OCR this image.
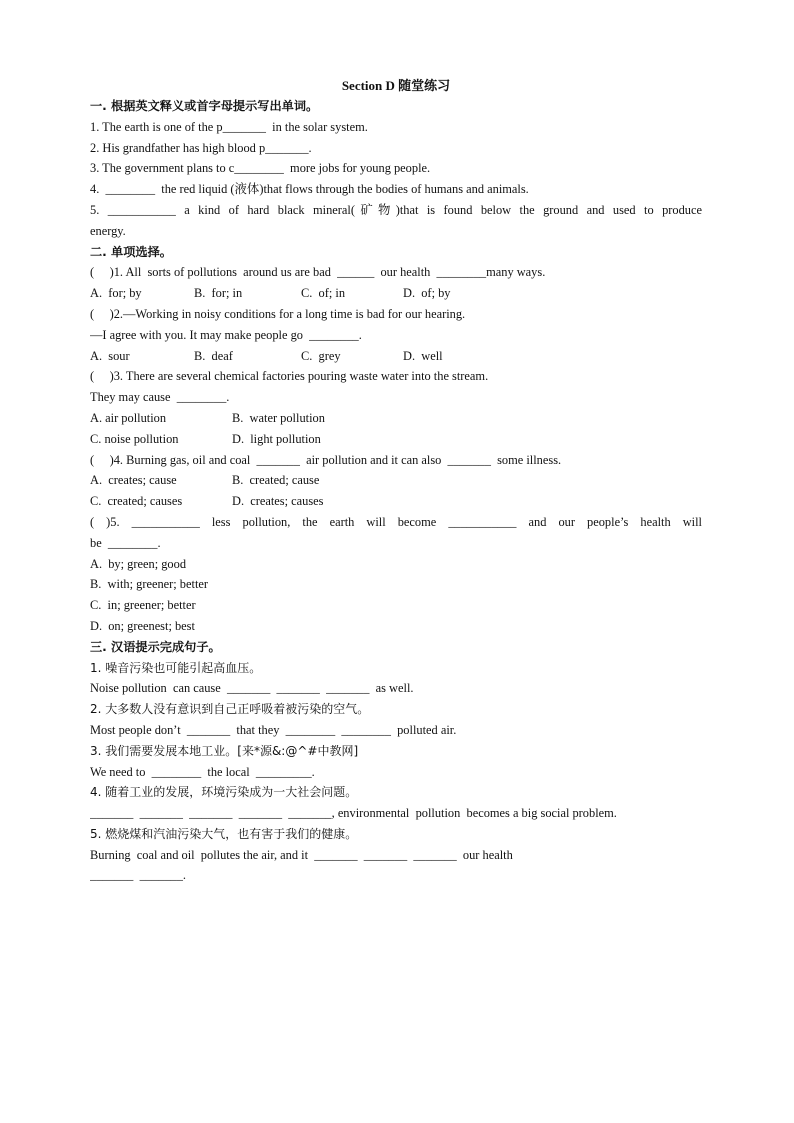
Section D 随堂练习
一. 根据英文释义或首字母提示写出单词。
1. The earth is one of the p_______  in the solar system.
2. His grandfather has high blood p_______.
3. The government plans to c________  more jobs for young people.
4.  ________  the red liquid (液体)that flows through the bodies of humans and animals.
5. ___________ a kind of hard black mineral(矿物)that is found below the ground and used to produce
energy.
二. 单项选择。
(     )1. All  sorts of pollutions  around us are bad  ______  our health  ________many ways.
A.  for; by	B.  for; in	C.  of; in	D.  of; by
(     )2.—Working in noisy conditions for a long time is bad for our hearing.
—I agree with you. It may make people go  ________.
A.  sour	B.  deaf	C.  grey	D.  well
(     )3. There are several chemical factories pouring waste water into the stream.
They may cause  ________.
A. air pollution	B.  water pollution
C. noise pollution	D.  light pollution
(     )4. Burning gas, oil and coal  _______  air pollution and it can also  _______  some illness.
A.  creates; cause	B.  created; cause
C.  created; causes	D.  creates; causes
( )5. ___________ less pollution, the earth will become ___________ and our people’s health will
be  ________.
A.  by; green; good
B.  with; greener; better
C.  in; greener; better
D.  on; greenest; best
三. 汉语提示完成句子。
1. 噪音污染也可能引起高血压。
Noise pollution  can cause  _______  _______  _______  as well.
2. 大多数人没有意识到自己正呼吸着被污染的空气。
Most people don’t  _______  that they  ________  ________  polluted air.
3. 我们需要发展本地工业。[来*源&:@^#中教网]
We need to  ________  the local  _________.
4. 随着工业的发展，环境污染成为一大社会问题。
_______  _______  _______  _______  _______, environmental  pollution  becomes a big social problem.
5. 燃烧煤和汽油污染大气，也有害于我们的健康。
Burning  coal and oil  pollutes the air, and it  _______  _______  _______  our health
_______  _______.
